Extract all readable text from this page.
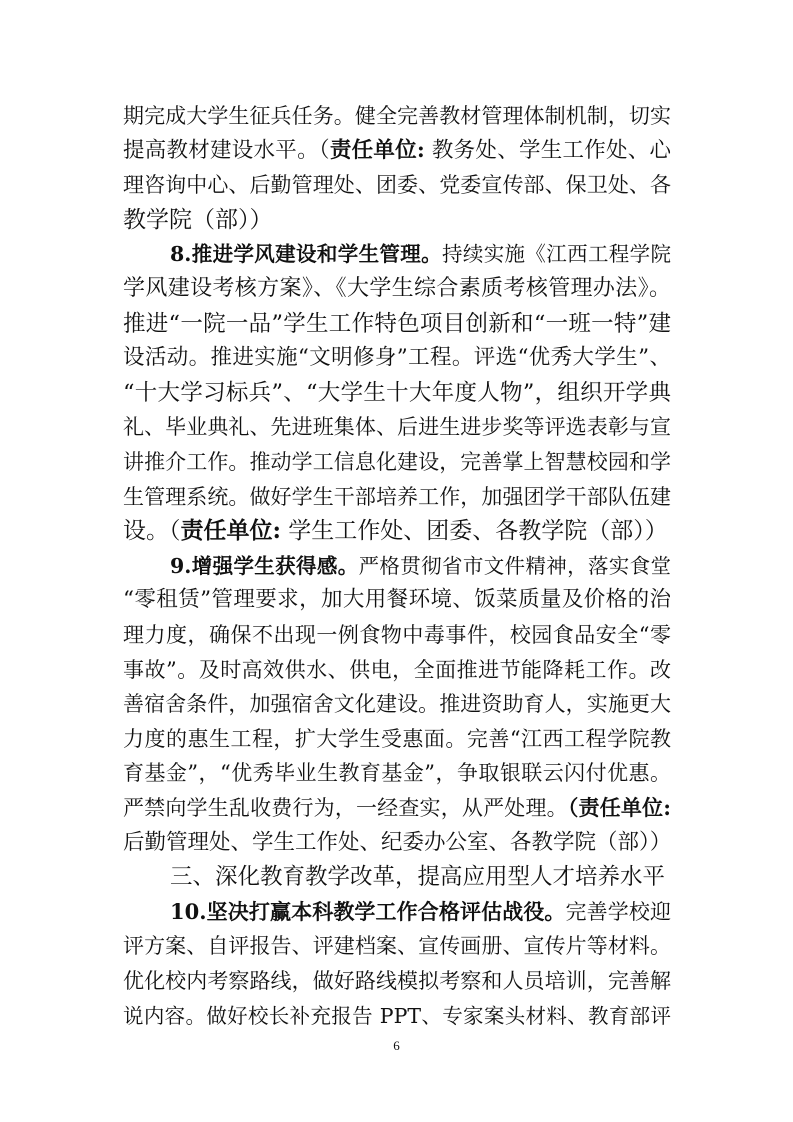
期完成大学生征兵任务。健全完善教材管理体制机制，切实
提高教材建设水平。（责任单位: 教务处、学生工作处、心
理咨询中心、后勤管理处、团委、党委宣传部、保卫处、各
教学院（部））
8.推进学风建设和学生管理。持续实施《江西工程学院
学风建设考核方案》、《大学生综合素质考核管理办法》。
推进“一院一品”学生工作特色项目创新和“一班一特”建
设活动。推进实施“文明修身”工程。评选“优秀大学生”、
“十大学习标兵”、“大学生十大年度人物”，组织开学典
礼、毕业典礼、先进班集体、后进生进步奖等评选表彰与宣
讲推介工作。推动学工信息化建设，完善掌上智慧校园和学
生管理系统。做好学生干部培养工作，加强团学干部队伍建
设。（责任单位: 学生工作处、团委、各教学院（部））
9.增强学生获得感。严格贯彻省市文件精神，落实食堂
“零租赁”管理要求，加大用餐环境、饭菜质量及价格的治
理力度，确保不出现一例食物中毒事件，校园食品安全“零
事故”。及时高效供水、供电，全面推进节能降耗工作。改
善宿舍条件，加强宿舍文化建设。推进资助育人，实施更大
力度的惠生工程，扩大学生受惠面。完善“江西工程学院教
育基金”，“优秀毕业生教育基金”，争取银联云闪付优惠。
严禁向学生乱收费行为，一经查实，从严处理。（责任单位:
后勤管理处、学生工作处、纪委办公室、各教学院（部））
三、深化教育教学改革，提高应用型人才培养水平
10.坚决打赢本科教学工作合格评估战役。完善学校迎
评方案、自评报告、评建档案、宣传画册、宣传片等材料。
优化校内考察路线，做好路线模拟考察和人员培训，完善解
说内容。做好校长补充报告 PPT、专家案头材料、教育部评
6
